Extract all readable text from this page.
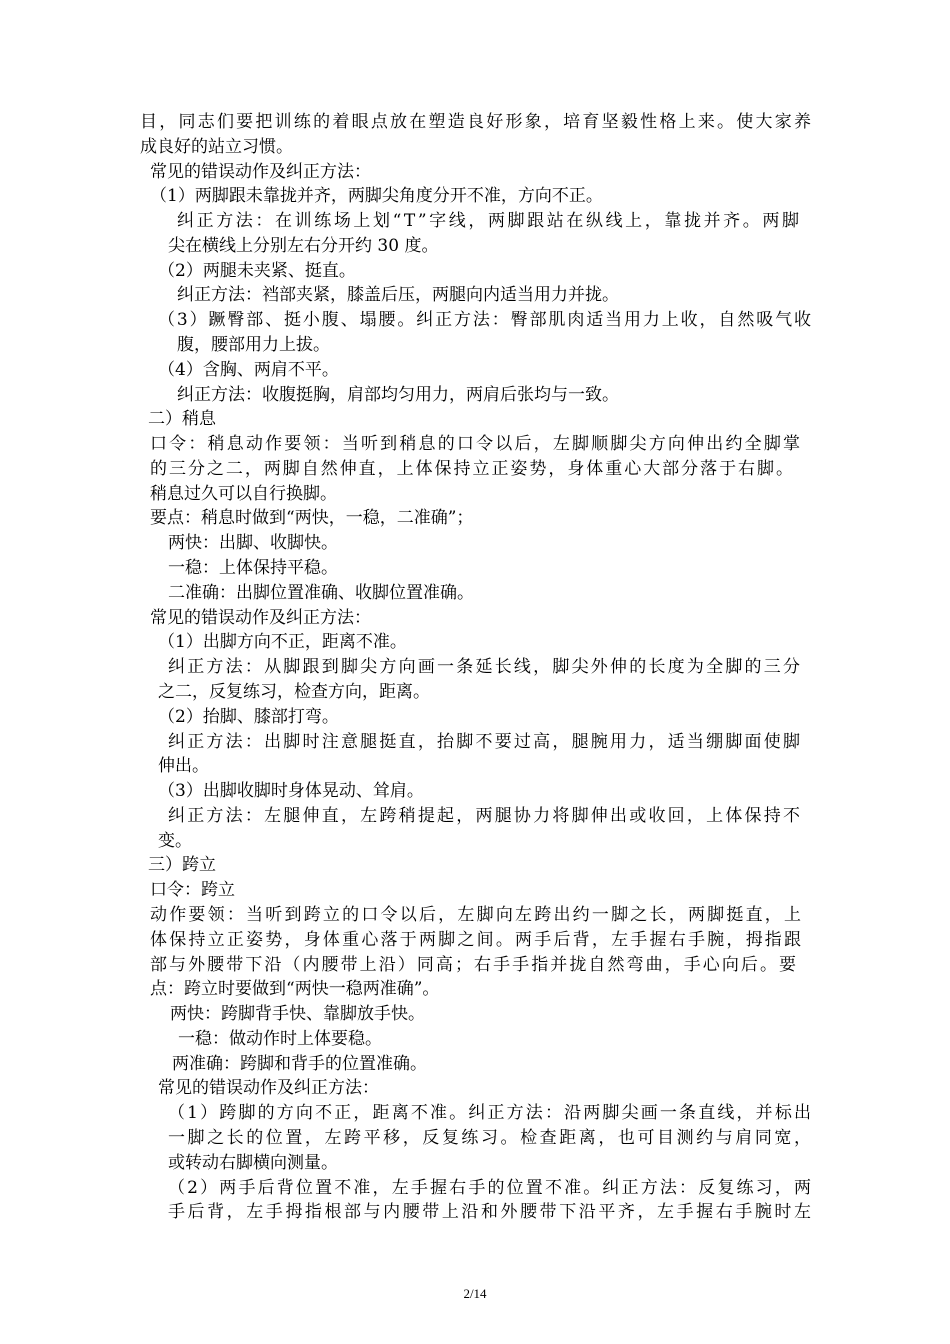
目，同志们要把训练的着眼点放在塑造良好形象，培育坚毅性格上来。使大家养
成良好的站立习惯。
常见的错误动作及纠正方法：
（1）两脚跟未靠拢并齐，两脚尖角度分开不准，方向不正。
纠正方法：在训练场上划“T”字线，两脚跟站在纵线上，靠拢并齐。两脚
尖在横线上分别左右分开约 30 度。
（2）两腿未夹紧、挺直。
纠正方法：裆部夹紧，膝盖后压，两腿向内适当用力并拢。
（3）蹶臀部、挺小腹、塌腰。纠正方法：臀部肌肉适当用力上收，自然吸气收
腹，腰部用力上拔。
（4）含胸、两肩不平。
纠正方法：收腹挺胸，肩部均匀用力，两肩后张均与一致。
二）稍息
口令：稍息动作要领：当听到稍息的口令以后，左脚顺脚尖方向伸出约全脚掌
的三分之二，两脚自然伸直，上体保持立正姿势，身体重心大部分落于右脚。
稍息过久可以自行换脚。
要点：稍息时做到“两快，一稳，二准确”；
两快：出脚、收脚快。
一稳：上体保持平稳。
二准确：出脚位置准确、收脚位置准确。
常见的错误动作及纠正方法：
（1）出脚方向不正，距离不准。
纠正方法：从脚跟到脚尖方向画一条延长线，脚尖外伸的长度为全脚的三分
之二，反复练习，检查方向，距离。
（2）抬脚、膝部打弯。
纠正方法：出脚时注意腿挺直，抬脚不要过高，腿腕用力，适当绷脚面使脚
伸出。
（3）出脚收脚时身体晃动、耸肩。
纠正方法：左腿伸直，左跨稍提起，两腿协力将脚伸出或收回，上体保持不
变。
三）跨立
口令：跨立
动作要领：当听到跨立的口令以后，左脚向左跨出约一脚之长，两脚挺直，上
体保持立正姿势，身体重心落于两脚之间。两手后背，左手握右手腕，拇指跟
部与外腰带下沿（内腰带上沿）同高；右手手指并拢自然弯曲，手心向后。要
点：跨立时要做到“两快一稳两准确”。
两快：跨脚背手快、靠脚放手快。
一稳：做动作时上体要稳。
两准确：跨脚和背手的位置准确。
常见的错误动作及纠正方法：
（1）跨脚的方向不正，距离不准。纠正方法：沿两脚尖画一条直线，并标出
一脚之长的位置，左跨平移，反复练习。检查距离，也可目测约与肩同宽，
或转动右脚横向测量。
（2）两手后背位置不准，左手握右手的位置不准。纠正方法：反复练习，两
手后背，左手拇指根部与内腰带上沿和外腰带下沿平齐，左手握右手腕时左
2/14
